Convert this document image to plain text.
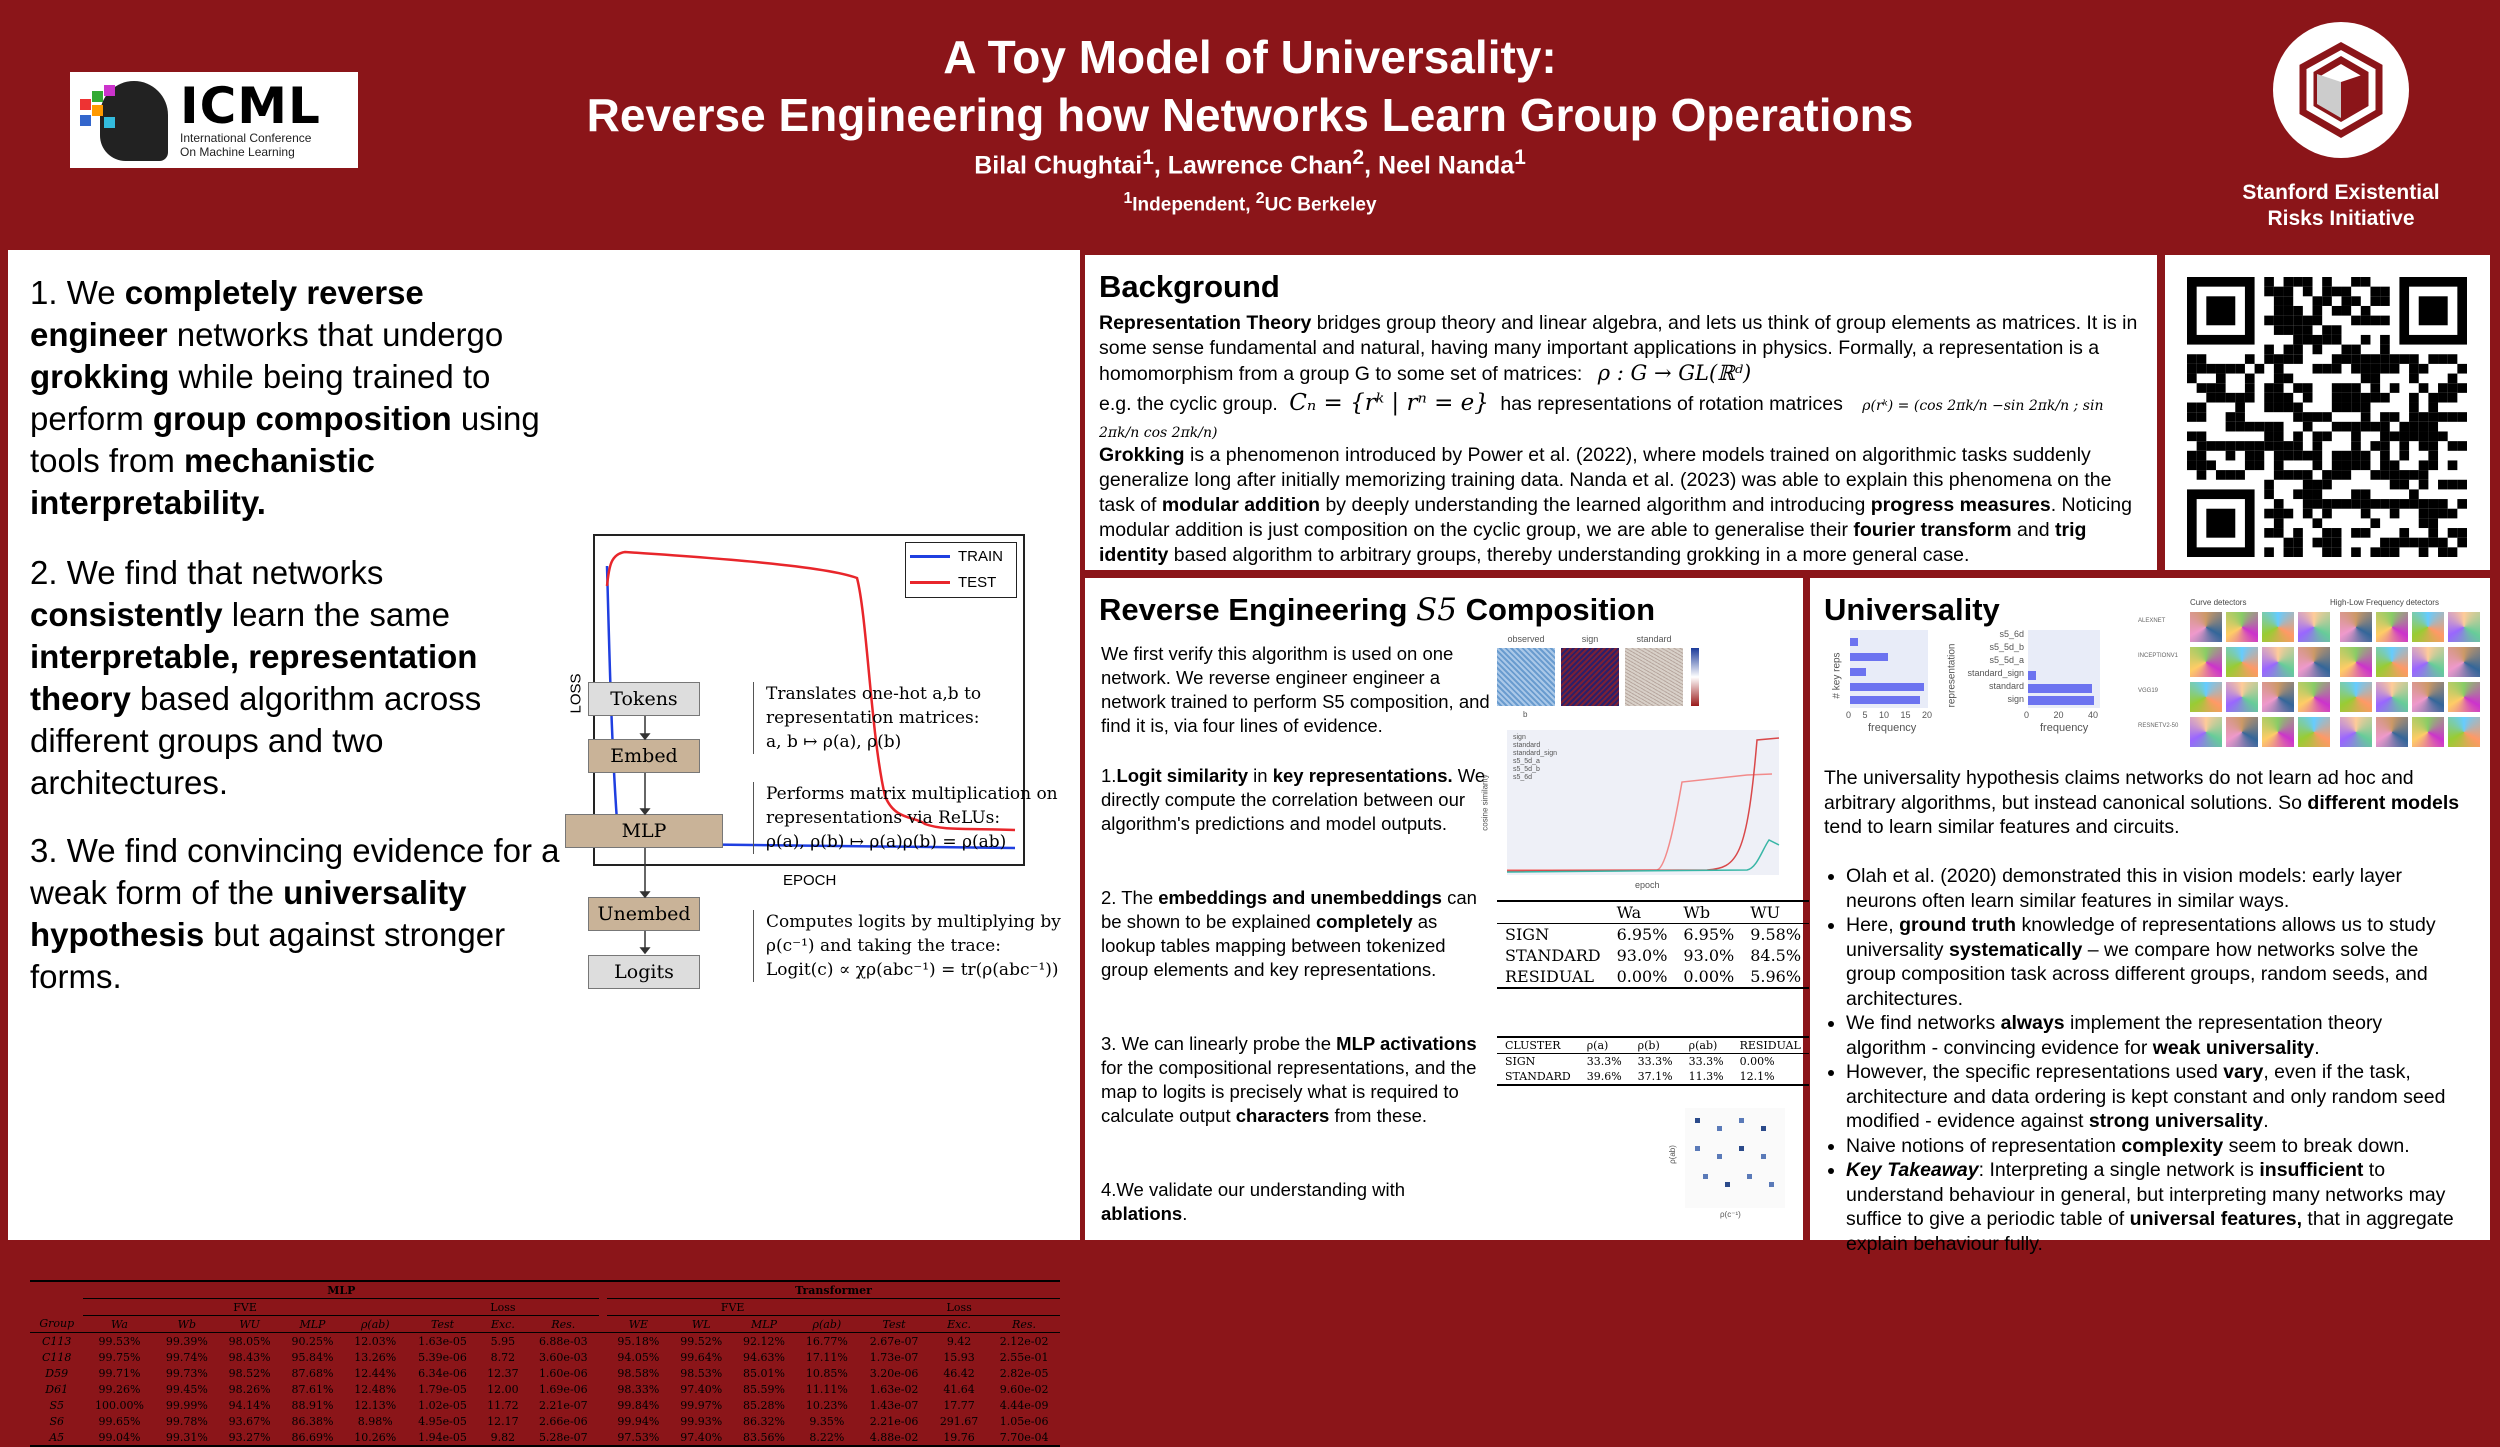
ICML
International Conference
On Machine Learning
A Toy Model of Universality:
Reverse Engineering how Networks Learn Group Operations
Bilal Chughtai$^1$, Lawrence Chan$^2$, Neel Nanda$^1$
$^1$Independent, $^2$UC Berkeley
Stanford Existential
Risks Initiative
1. We completely reverse engineer networks that undergo grokking while being trained to perform group composition using tools from mechanistic interpretability.
2. We find that networks consistently learn the same interpretable, representation theory based algorithm across different groups and two architectures.
3. We find convincing evidence for a weak form of the universality hypothesis but against stronger forms.
TRAIN
TEST
LOSS
EPOCH
Tokens
Embed
MLP
Unembed
Logits
Translates one-hot a,b to representation matrices:
a, b ↦ ρ(a), ρ(b)
Performs matrix multiplication on representations via ReLUs:
ρ(a), ρ(b) ↦ ρ(a)ρ(b) = ρ(ab)
Computes logits by multiplying by ρ(c⁻¹) and taking the trace:
Logit(c) ∝ χρ(abc⁻¹) = tr(ρ(abc⁻¹))
	MLP									Transformer						
	FVE					Loss				FVE				Loss		
Group	Wa	Wb	WU	MLP	ρ(ab)	Test	Exc.	Res.		WE	WL	MLP	ρ(ab)	Test	Exc.	Res.
C113	99.53%	99.39%	98.05%	90.25%	12.03%	1.63e-05	5.95	6.88e-03		95.18%	99.52%	92.12%	16.77%	2.67e-07	9.42	2.12e-02
C118	99.75%	99.74%	98.43%	95.84%	13.26%	5.39e-06	8.72	3.60e-03		94.05%	99.64%	94.63%	17.11%	1.73e-07	15.93	2.55e-01
D59	99.71%	99.73%	98.52%	87.68%	12.44%	6.34e-06	12.37	1.60e-06		98.58%	98.53%	85.01%	10.85%	3.20e-06	46.42	2.82e-05
D61	99.26%	99.45%	98.26%	87.61%	12.48%	1.79e-05	12.00	1.69e-06		98.33%	97.40%	85.59%	11.11%	1.63e-02	41.64	9.60e-02
S5	100.00%	99.99%	94.14%	88.91%	12.13%	1.02e-05	11.72	2.21e-07		99.84%	99.97%	85.28%	10.23%	1.43e-07	17.77	4.44e-09
S6	99.65%	99.78%	93.67%	86.38%	8.98%	4.95e-05	12.17	2.66e-06		99.94%	99.93%	86.32%	9.35%	2.21e-06	291.67	1.05e-06
A5	99.04%	99.31%	93.27%	86.69%	10.26%	1.94e-05	9.82	5.28e-07		97.53%	97.40%	83.56%	8.22%	4.88e-02	19.76	7.70e-04
Background
Representation Theory bridges group theory and linear algebra, and lets us think of group elements as matrices. It is in some sense fundamental and natural, having many important applications in physics. Formally, a representation is a homomorphism from a group G to some set of matrices: ρ : G → GL(ℝᵈ)
e.g. the cyclic group. Cₙ = {rᵏ | rⁿ = e} has representations of rotation matrices ρ(rᵏ) = (cos 2πk/n −sin 2πk/n ; sin 2πk/n cos 2πk/n)
Grokking is a phenomenon introduced by Power et al. (2022), where models trained on algorithmic tasks suddenly generalize long after initially memorizing training data. Nanda et al. (2023) was able to explain this phenomena on the task of modular addition by deeply understanding the learned algorithm and introducing progress measures. Noticing modular addition is just composition on the cyclic group, we are able to generalise their fourier transform and trig identity based algorithm to arbitrary groups, thereby understanding grokking in a more general case.
Reverse Engineering S5 Composition
We first verify this algorithm is used on one network. We reverse engineer engineer a network trained to perform S5 composition, and find it is, via four lines of evidence.
1.Logit similarity in key representations. We directly compute the correlation between our algorithm's predictions and model outputs.
2. The embeddings and unembeddings can be shown to be explained completely as lookup tables mapping between tokenized group elements and key representations.
3. We can linearly probe the MLP activations for the compositional representations, and the map to logits is precisely what is required to calculate output characters from these.
4.We validate our understanding with ablations.
observed	sign	standard
b
sign
standard
standard_sign
s5_5d_a
s5_5d_b
s5_6d
cosine similarity
epoch
	Wa	Wb	WU
SIGN	6.95%	6.95%	9.58%
STANDARD	93.0%	93.0%	84.5%
RESIDUAL	0.00%	0.00%	5.96%
CLUSTER	ρ(a)	ρ(b)	ρ(ab)	RESIDUAL
SIGN	33.3%	33.3%	33.3%	0.00%
STANDARD	39.6%	37.1%	11.3%	12.1%
ρ(c⁻¹)
ρ(ab)
Universality
# key reps
0 5 10 15 20
frequency
representation
s5_6d
s5_5d_b
s5_5d_a
standard_sign
standard
sign
0	20	40
frequency
Curve detectors	High-Low Frequency detectors
ALEXNET
INCEPTIONV1
VGG19
RESNETV2-50
The universality hypothesis claims networks do not learn ad hoc and arbitrary algorithms, but instead canonical solutions. So different models tend to learn similar features and circuits.
• Olah et al. (2020) demonstrated this in vision models: early layer neurons often learn similar features in similar ways.
• Here, ground truth knowledge of representations allows us to study universality systematically – we compare how networks solve the group composition task across different groups, random seeds, and architectures.
• We find networks always implement the representation theory algorithm - convincing evidence for weak universality.
• However, the specific representations used vary, even if the task, architecture and data ordering is kept constant and only random seed modified - evidence against strong universality.
• Naive notions of representation complexity seem to break down.
• Key Takeaway: Interpreting a single network is insufficient to understand behaviour in general, but interpreting many networks may suffice to give a periodic table of universal features, that in aggregate explain behaviour fully.
